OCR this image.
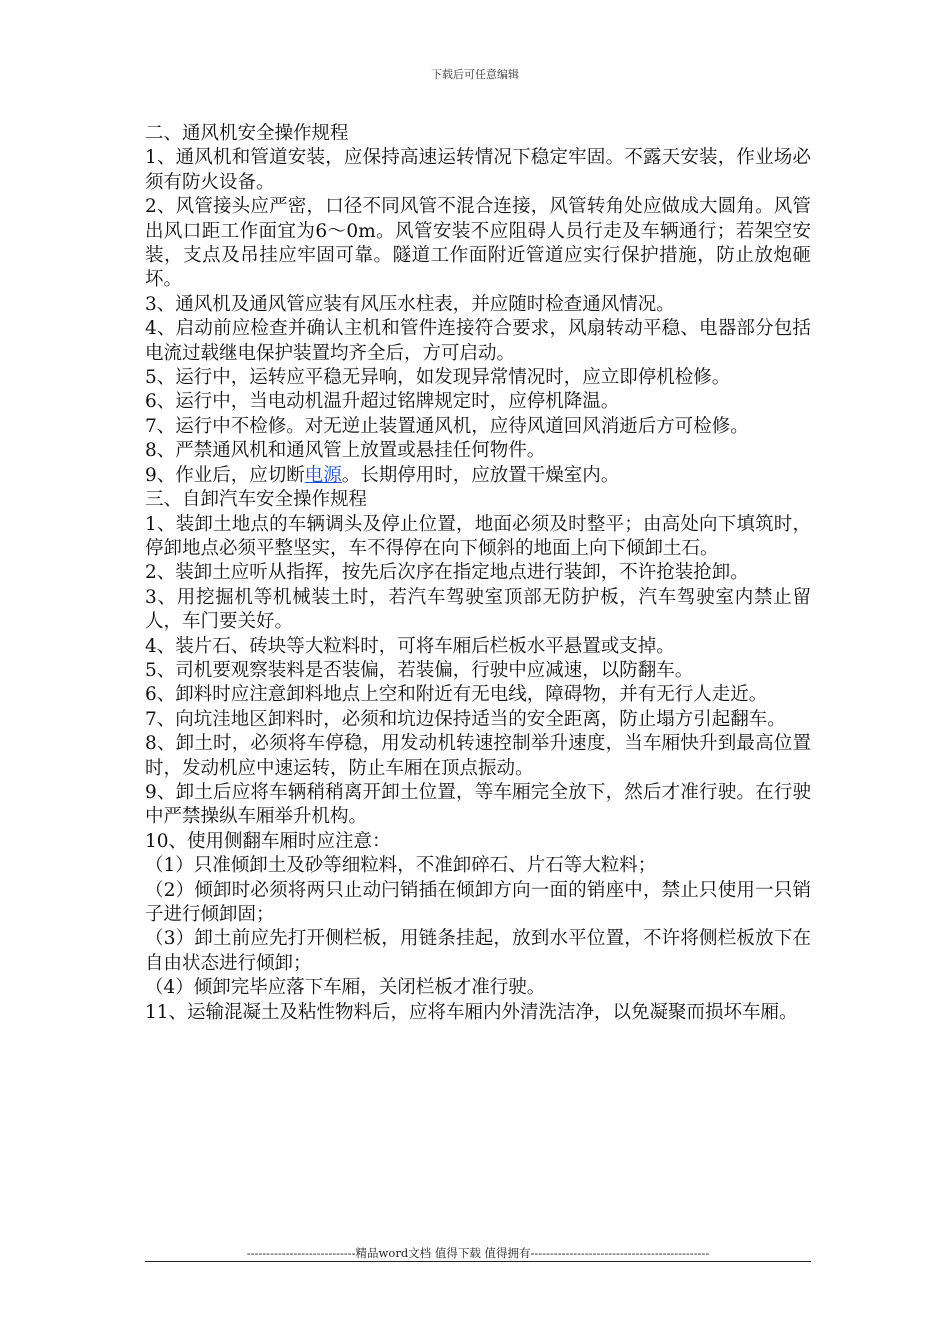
下载后可任意编辑

二、通风机安全操作规程

1、通风机和管道安装，应保持高速运转情况下稳定牢固。不露天安装，作业场必须有防火设备。

2、风管接头应严密，口径不同风管不混合连接，风管转角处应做成大圆角。风管出风口距工作面宜为6～0m。风管安装不应阻碍人员行走及车辆通行；若架空安装，支点及吊挂应牢固可靠。隧道工作面附近管道应实行保护措施，防止放炮砸坏。

3、通风机及通风管应装有风压水柱表，并应随时检查通风情况。

4、启动前应检查并确认主机和管件连接符合要求，风扇转动平稳、电器部分包括电流过载继电保护装置均齐全后，方可启动。

5、运行中，运转应平稳无异响，如发现异常情况时，应立即停机检修。

6、运行中，当电动机温升超过铭牌规定时，应停机降温。

7、运行中不检修。对无逆止装置通风机，应待风道回风消逝后方可检修。

8、严禁通风机和通风管上放置或悬挂任何物件。

9、作业后，应切断电源。长期停用时，应放置干燥室内。

三、自卸汽车安全操作规程

1、装卸土地点的车辆调头及停止位置，地面必须及时整平；由高处向下填筑时，停卸地点必须平整坚实，车不得停在向下倾斜的地面上向下倾卸土石。

2、装卸土应听从指挥，按先后次序在指定地点进行装卸，不许抢装抢卸。

3、用挖掘机等机械装土时，若汽车驾驶室顶部无防护板，汽车驾驶室内禁止留人，车门要关好。

4、装片石、砖块等大粒料时，可将车厢后栏板水平悬置或支掉。

5、司机要观察装料是否装偏，若装偏，行驶中应减速，以防翻车。

6、卸料时应注意卸料地点上空和附近有无电线，障碍物，并有无行人走近。

7、向坑洼地区卸料时，必须和坑边保持适当的安全距离，防止塌方引起翻车。

8、卸土时，必须将车停稳，用发动机转速控制举升速度，当车厢快升到最高位置时，发动机应中速运转，防止车厢在顶点振动。

9、卸土后应将车辆稍稍离开卸土位置，等车厢完全放下，然后才准行驶。在行驶中严禁操纵车厢举升机构。

10、使用侧翻车厢时应注意：

（1）只准倾卸土及砂等细粒料，不准卸碎石、片石等大粒料；

（2）倾卸时必须将两只止动闩销插在倾卸方向一面的销座中，禁止只使用一只销子进行倾卸固；

（3）卸土前应先打开侧栏板，用链条挂起，放到水平位置，不许将侧栏板放下在自由状态进行倾卸；

（4）倾卸完毕应落下车厢，关闭栏板才准行驶。

11、运输混凝土及粘性物料后，应将车厢内外清洗洁净，以免凝聚而损坏车厢。

----------------------------精品word文档 值得下载 值得拥有----------------------------------------------
